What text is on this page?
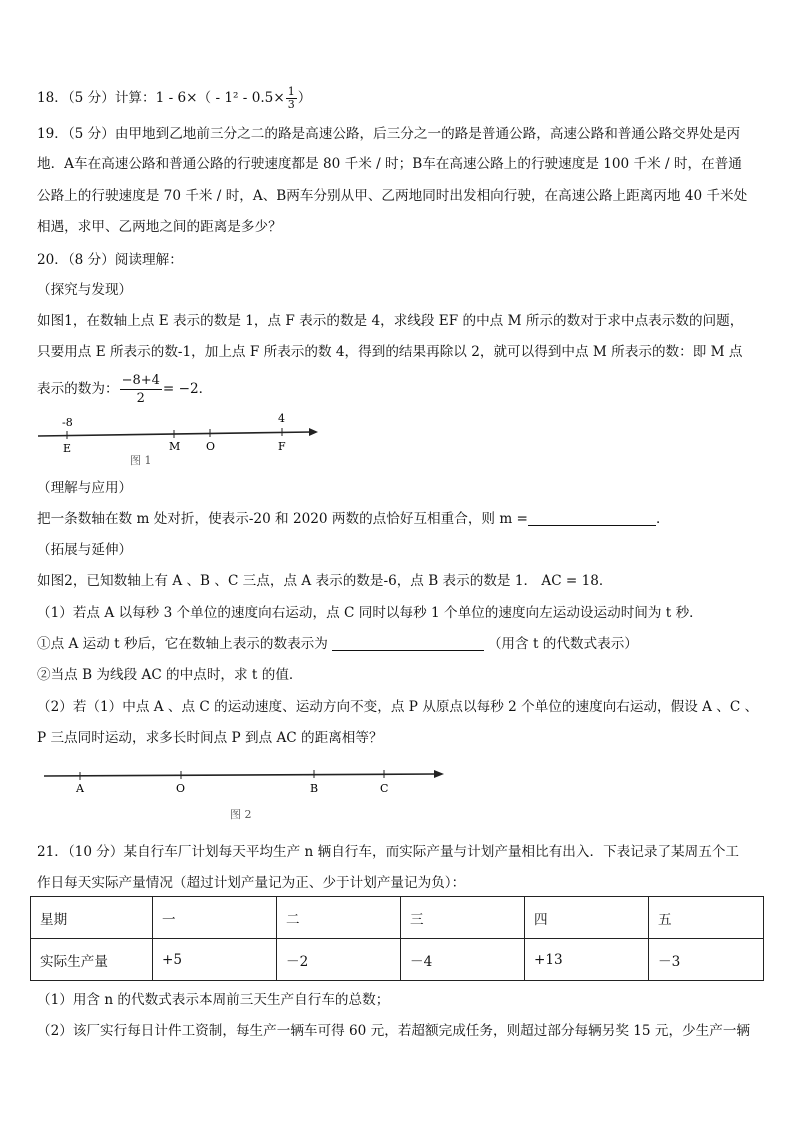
18．（5 分）计算：$1 - 6\times( - 1^2 - 0.5\times \frac{1}{3}$ ）
19．（5 分）由甲地到乙地前三分之二的路是高速公路，后三分之一的路是普通公路，高速公路和普通公路交界处是丙
地．A车在高速公路和普通公路的行驶速度都是 80 千米 / 时；B车在高速公路上的行驶速度是 100 千米 / 时，在普通
公路上的行驶速度是 70 千米 / 时，A、B两车分别从甲、乙两地同时出发相向行驶，在高速公路上距离丙地 40 千米处
相遇，求甲、乙两地之间的距离是多少？
20．（8 分）阅读理解：
（探究与发现）
如图1，在数轴上点 E 表示的数是 1，点 F 表示的数是 4，求线段 EF 的中点 M 所示的数对于求中点表示数的问题，
只要用点 E 所表示的数-1，加上点 F 所表示的数 4，得到的结果再除以 2，就可以得到中点 M 所表示的数：即 M 点
表示的数为： $\frac{-8+4}{2} = -2$．
-8	4
E	M O	F
图 1
（理解与应用）
把一条数轴在数 m 处对折，使表示-20 和 2020 两数的点恰好互相重合，则 m =	．
（拓展与延伸）
如图2，已知数轴上有 A 、B 、C 三点，点 A 表示的数是-6，点 B 表示的数是 1． AC = 18．
（1）若点 A 以每秒 3 个单位的速度向右运动，点 C 同时以每秒 1 个单位的速度向左运动设运动时间为 t 秒．
①点 A 运动 t 秒后，它在数轴上表示的数表示为	（用含 t 的代数式表示）
②当点 B 为线段 AC 的中点时，求 t 的值．
（2）若（1）中点 A 、点 C 的运动速度、运动方向不变，点 P 从原点以每秒 2 个单位的速度向右运动，假设 A 、C 、
P 三点同时运动，求多长时间点 P 到点 AC 的距离相等？
A	O	B	C
图 2
21．（10 分）某自行车厂计划每天平均生产 n 辆自行车，而实际产量与计划产量相比有出入．下表记录了某周五个工
作日每天实际产量情况（超过计划产量记为正、少于计划产量记为负）：
星期	一	二	三	四	五
实际生产量	+5	－2	－4	+13	－3
（1）用含 n 的代数式表示本周前三天生产自行车的总数；
（2）该厂实行每日计件工资制，每生产一辆车可得 60 元，若超额完成任务，则超过部分每辆另奖 15 元，少生产一辆
